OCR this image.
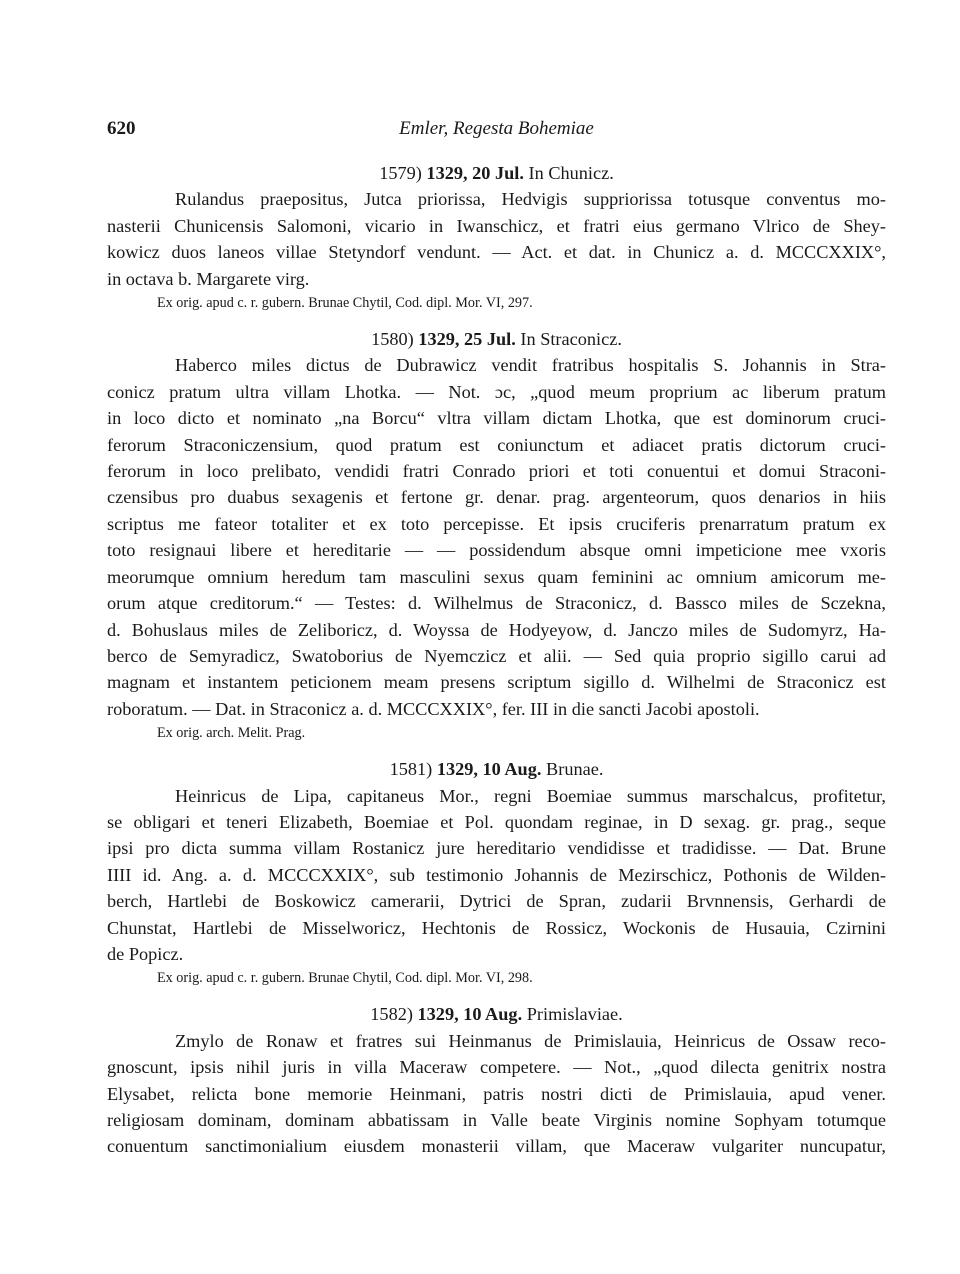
620	Emler, Regesta Bohemiae

1579) 1329, 20 Jul. In Chunicz.

Rulandus praepositus, Jutca priorissa, Hedvigis suppriorissa totusque conventus mo-
nasterii Chunicensis Salomoni, vicario in Iwanschicz, et fratri eius germano Vlrico de Shey-
kowicz duos laneos villae Stetyndorf vendunt. — Act. et dat. in Chunicz a. d. MCCCXXIX°,
in octava b. Margarete virg.

Ex orig. apud c. r. gubern. Brunae Chytil, Cod. dipl. Mor. VI, 297.

1580) 1329, 25 Jul. In Straconicz.

Haberco miles dictus de Dubrawicz vendit fratribus hospitalis S. Johannis in Stra-
conicz pratum ultra villam Lhotka. — Not. ɔc, „quod meum proprium ac liberum pratum
in loco dicto et nominato „na Borcu“ vltra villam dictam Lhotka, que est dominorum cruci-
ferorum Straconiczensium, quod pratum est coniunctum et adiacet pratis dictorum cruci-
ferorum in loco prelibato, vendidi fratri Conrado priori et toti conuentui et domui Straconi-
czensibus pro duabus sexagenis et fertone gr. denar. prag. argenteorum, quos denarios in hiis
scriptus me fateor totaliter et ex toto percepisse. Et ipsis cruciferis prenarratum pratum ex
toto resignaui libere et hereditarie — — possidendum absque omni impeticione mee vxoris
meorumque omnium heredum tam masculini sexus quam feminini ac omnium amicorum me-
orum atque creditorum.“ — Testes: d. Wilhelmus de Straconicz, d. Bassco miles de Sczekna,
d. Bohuslaus miles de Zeliboricz, d. Woyssa de Hodyeyow, d. Janczo miles de Sudomyrz, Ha-
berco de Semyradicz, Swatoborius de Nyemczicz et alii. — Sed quia proprio sigillo carui ad
magnam et instantem peticionem meam presens scriptum sigillo d. Wilhelmi de Straconicz est
roboratum. — Dat. in Straconicz a. d. MCCCXXIX°, fer. III in die sancti Jacobi apostoli.

Ex orig. arch. Melit. Prag.

1581) 1329, 10 Aug. Brunae.

Heinricus de Lipa, capitaneus Mor., regni Boemiae summus marschalcus, profitetur,
se obligari et teneri Elizabeth, Boemiae et Pol. quondam reginae, in D sexag. gr. prag., seque
ipsi pro dicta summa villam Rostanicz jure hereditario vendidisse et tradidisse. — Dat. Brune
IIII id. Ang. a. d. MCCCXXIX°, sub testimonio Johannis de Mezirschicz, Pothonis de Wilden-
berch, Hartlebi de Boskowicz camerarii, Dytrici de Spran, zudarii Brvnnensis, Gerhardi de
Chunstat, Hartlebi de Misselworicz, Hechtonis de Rossicz, Wockonis de Husauia, Czirnini
de Popicz.

Ex orig. apud c. r. gubern. Brunae Chytil, Cod. dipl. Mor. VI, 298.

1582) 1329, 10 Aug. Primislaviae.

Zmylo de Ronaw et fratres sui Heinmanus de Primislauia, Heinricus de Ossaw reco-
gnoscunt, ipsis nihil juris in villa Maceraw competere. — Not., „quod dilecta genitrix nostra
Elysabet, relicta bone memorie Heinmani, patris nostri dicti de Primislauia, apud vener.
religiosam dominam, dominam abbatissam in Valle beate Virginis nomine Sophyam totumque
conuentum sanctimonialium eiusdem monasterii villam, que Maceraw vulgariter nuncupatur,
